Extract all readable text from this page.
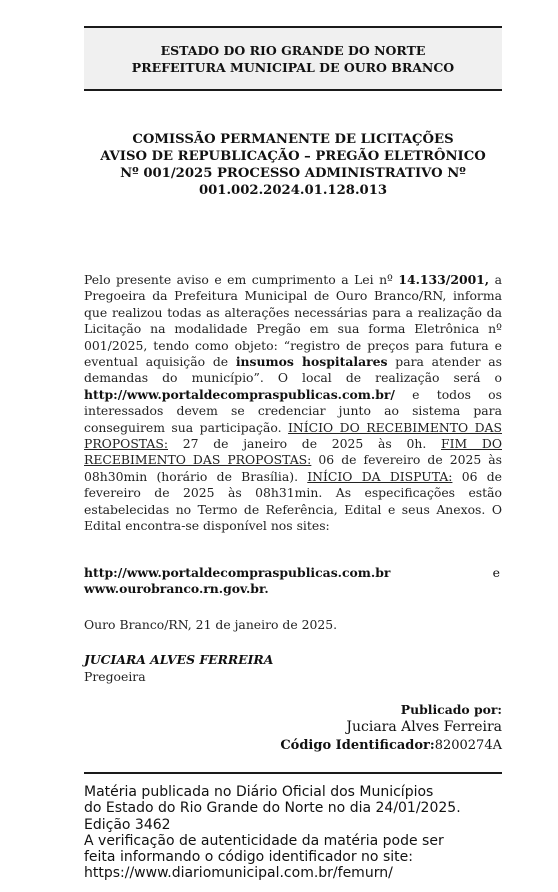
ESTADO DO RIO GRANDE DO NORTE
PREFEITURA MUNICIPAL DE OURO BRANCO
COMISSÃO PERMANENTE DE LICITAÇÕES
AVISO DE REPUBLICAÇÃO – PREGÃO ELETRÔNICO
Nº 001/2025 PROCESSO ADMINISTRATIVO Nº
001.002.2024.01.128.013
Pelo presente aviso e em cumprimento a Lei nº 14.133/2001, a Pregoeira da Prefeitura Municipal de Ouro Branco/RN, informa que realizou todas as alterações necessárias para a realização da Licitação na modalidade Pregão em sua forma Eletrônica nº 001/2025, tendo como objeto: “registro de preços para futura e eventual aquisição de insumos hospitalares para atender as demandas do município”. O local de realização será o http://www.portaldecompraspublicas.com.br/ e todos os interessados devem se credenciar junto ao sistema para conseguirem sua participação. INÍCIO DO RECEBIMENTO DAS PROPOSTAS: 27 de janeiro de 2025 às 0h. FIM DO RECEBIMENTO DAS PROPOSTAS: 06 de fevereiro de 2025 às 08h30min (horário de Brasília). INÍCIO DA DISPUTA: 06 de fevereiro de 2025 às 08h31min. As especificações estão estabelecidas no Termo de Referência, Edital e seus Anexos. O Edital encontra-se disponível nos sites:
http://www.portaldecompraspublicas.com.br	e
www.ourobranco.rn.gov.br.
Ouro Branco/RN, 21 de janeiro de 2025.
JUCIARA ALVES FERREIRA
Pregoeira
Publicado por:
Juciara Alves Ferreira
Código Identificador:8200274A
Matéria publicada no Diário Oficial dos Municípios
do Estado do Rio Grande do Norte no dia 24/01/2025.
Edição 3462
A verificação de autenticidade da matéria pode ser
feita informando o código identificador no site:
https://www.diariomunicipal.com.br/femurn/
